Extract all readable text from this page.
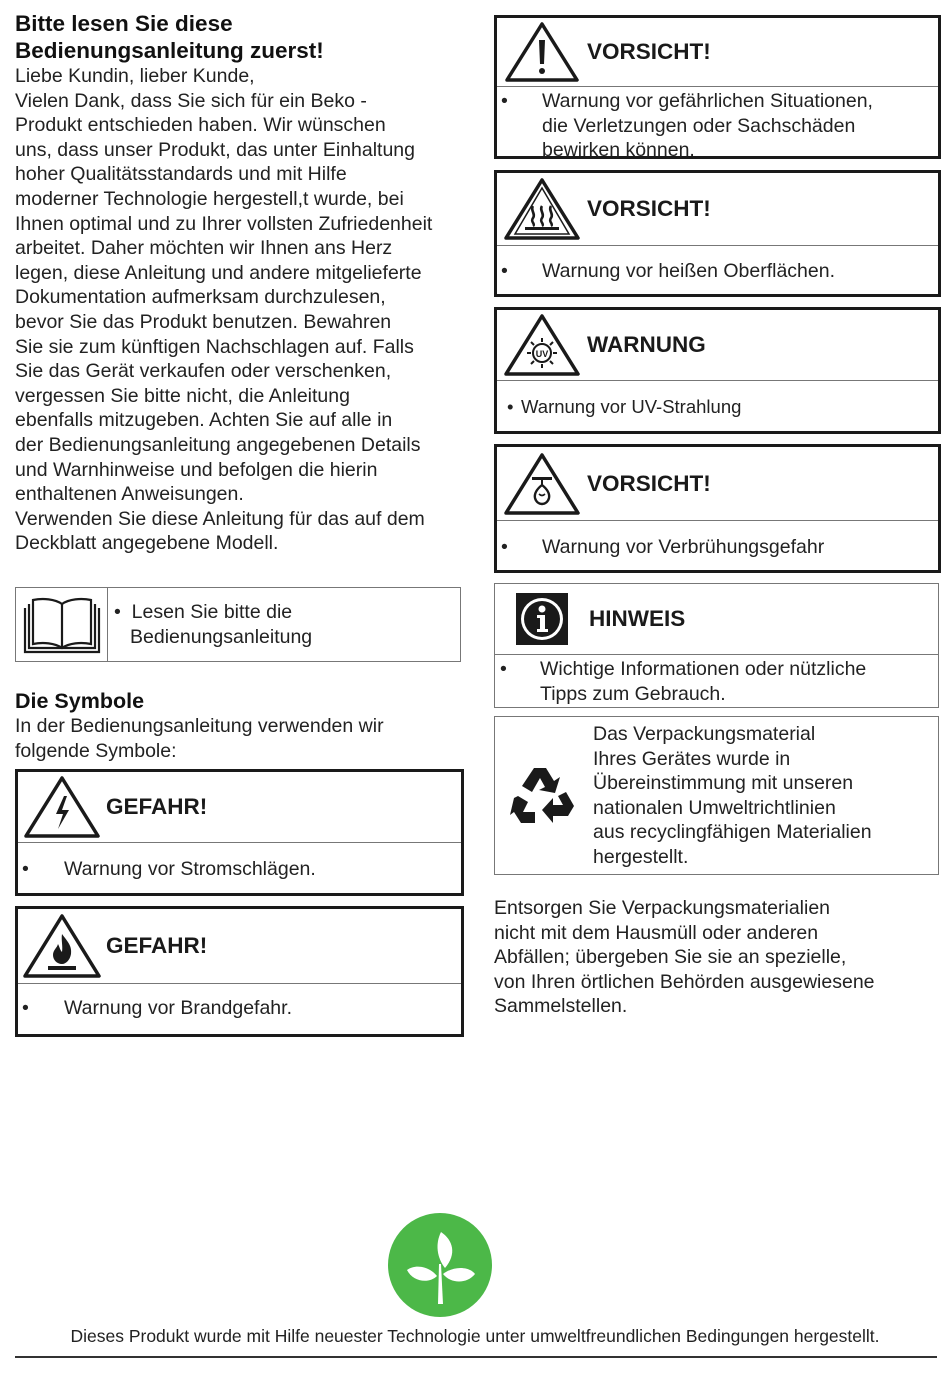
Bitte lesen Sie diese
Bedienungsanleitung zuerst!

Liebe Kundin, lieber Kunde,
Vielen Dank, dass Sie sich für ein Beko -
Produkt entschieden haben. Wir wünschen
uns, dass unser Produkt, das unter Einhaltung
hoher Qualitätsstandards und mit Hilfe
moderner Technologie hergestell,t wurde, bei
Ihnen optimal und zu Ihrer vollsten Zufriedenheit
arbeitet. Daher möchten wir Ihnen ans Herz
legen, diese Anleitung und andere mitgelieferte
Dokumentation aufmerksam durchzulesen,
bevor Sie das Produkt benutzen. Bewahren
Sie sie zum künftigen Nachschlagen auf. Falls
Sie das Gerät verkaufen oder verschenken,
vergessen Sie bitte nicht, die Anleitung
ebenfalls mitzugeben. Achten Sie auf alle in
der Bedienungsanleitung angegebenen Details
und Warnhinweise und befolgen die hierin
enthaltenen Anweisungen.
Verwenden Sie diese Anleitung für das auf dem
Deckblatt angegebene Modell.

• Lesen Sie bitte die
Bedienungsanleitung

Die Symbole

In der Bedienungsanleitung verwenden wir
folgende Symbole:

GEFAHR!
•	Warnung vor Stromschlägen.
GEFAHR!
•	Warnung vor Brandgefahr.
VORSICHT!
•	Warnung vor gefährlichen Situationen,
die Verletzungen oder Sachschäden
bewirken können.
VORSICHT!
•	Warnung vor heißen Oberflächen.
UV WARNUNG
• Warnung vor UV-Strahlung
VORSICHT!
•	Warnung vor Verbrühungsgefahr
HINWEIS
•	Wichtige Informationen oder nützliche
Tipps zum Gebrauch.
Das Verpackungsmaterial
Ihres Gerätes wurde in
Übereinstimmung mit unseren
nationalen Umweltrichtlinien
aus recyclingfähigen Materialien
hergestellt.
Entsorgen Sie Verpackungsmaterialien
nicht mit dem Hausmüll oder anderen
Abfällen; übergeben Sie sie an spezielle,
von Ihren örtlichen Behörden ausgewiesene
Sammelstellen.
Dieses Produkt wurde mit Hilfe neuester Technologie unter umweltfreundlichen Bedingungen hergestellt.
